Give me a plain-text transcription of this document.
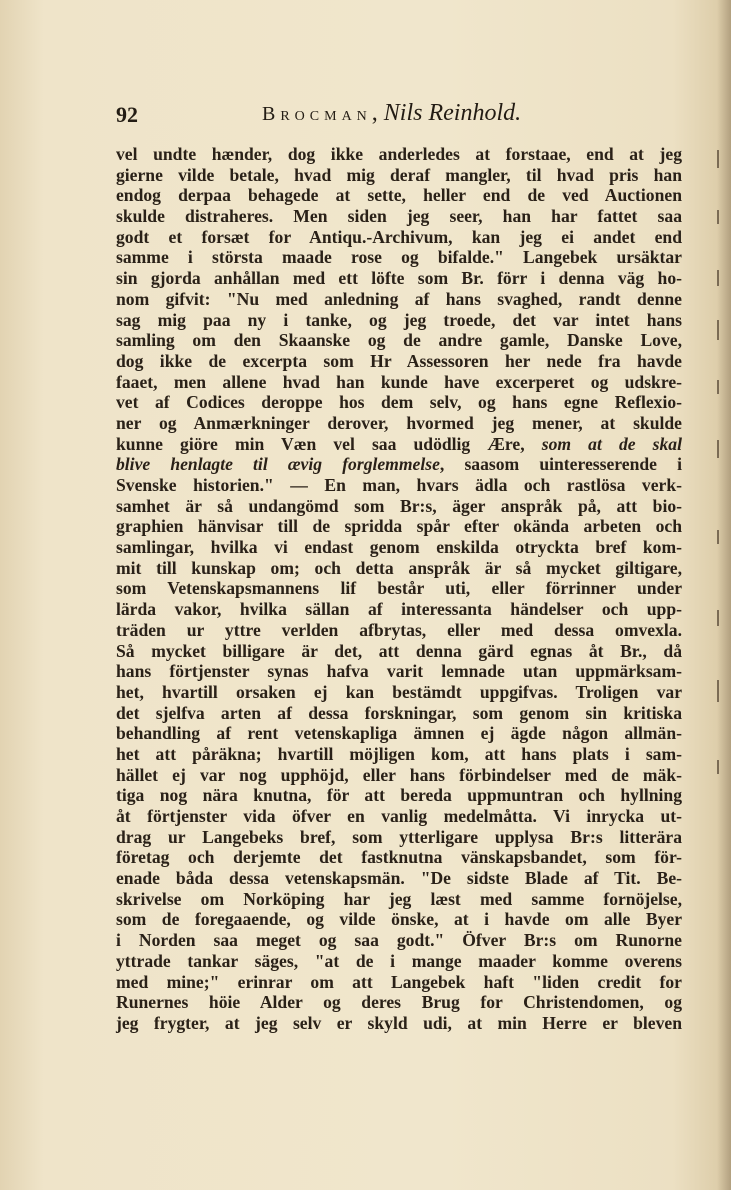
92	Brocman, Nils Reinhold.
vel undte hænder, dog ikke anderledes at forstaae, end at jeg
gierne vilde betale, hvad mig deraf mangler, til hvad pris han
endog derpaa behagede at sette, heller end de ved Auctionen
skulde distraheres. Men siden jeg seer, han har fattet saa
godt et forsæt for Antiqu.-Archivum, kan jeg ei andet end
samme i största maade rose og bifalde." Langebek ursäktar
sin gjorda anhållan med ett löfte som Br. förr i denna väg ho-
nom gifvit: "Nu med anledning af hans svaghed, randt denne
sag mig paa ny i tanke, og jeg troede, det var intet hans
samling om den Skaanske og de andre gamle, Danske Love,
dog ikke de excerpta som Hr Assessoren her nede fra havde
faaet, men allene hvad han kunde have excerperet og udskre-
vet af Codices deroppe hos dem selv, og hans egne Reflexio-
ner og Anmærkninger derover, hvormed jeg mener, at skulde
kunne giöre min Væn vel saa udödlig Ære, som at de skal
blive henlagte til ævig forglemmelse, saasom uinteresserende i
Svenske historien." — En man, hvars ädla och rastlösa verk-
samhet är så undangömd som Br:s, äger anspråk på, att bio-
graphien hänvisar till de spridda spår efter okända arbeten och
samlingar, hvilka vi endast genom enskilda otryckta bref kom-
mit till kunskap om; och detta anspråk är så mycket giltigare,
som Vetenskapsmannens lif består uti, eller förrinner under
lärda vakor, hvilka sällan af interessanta händelser och upp-
träden ur yttre verlden afbrytas, eller med dessa omvexla.
Så mycket billigare är det, att denna gärd egnas åt Br., då
hans förtjenster synas hafva varit lemnade utan uppmärksam-
het, hvartill orsaken ej kan bestämdt uppgifvas. Troligen var
det sjelfva arten af dessa forskningar, som genom sin kritiska
behandling af rent vetenskapliga ämnen ej ägde någon allmän-
het att påräkna; hvartill möjligen kom, att hans plats i sam-
hället ej var nog upphöjd, eller hans förbindelser med de mäk-
tiga nog nära knutna, för att bereda uppmuntran och hyllning
åt förtjenster vida öfver en vanlig medelmåtta. Vi inrycka ut-
drag ur Langebeks bref, som ytterligare upplysa Br:s litterära
företag och derjemte det fastknutna vänskapsbandet, som för-
enade båda dessa vetenskapsmän. "De sidste Blade af Tit. Be-
skrivelse om Norköping har jeg læst med samme fornöjelse,
som de foregaaende, og vilde önske, at i havde om alle Byer
i Norden saa meget og saa godt." Öfver Br:s om Runorne
yttrade tankar säges, "at de i mange maader komme overens
med mine;" erinrar om att Langebek haft "liden credit for
Runernes höie Alder og deres Brug for Christendomen, og
jeg frygter, at jeg selv er skyld udi, at min Herre er bleven
